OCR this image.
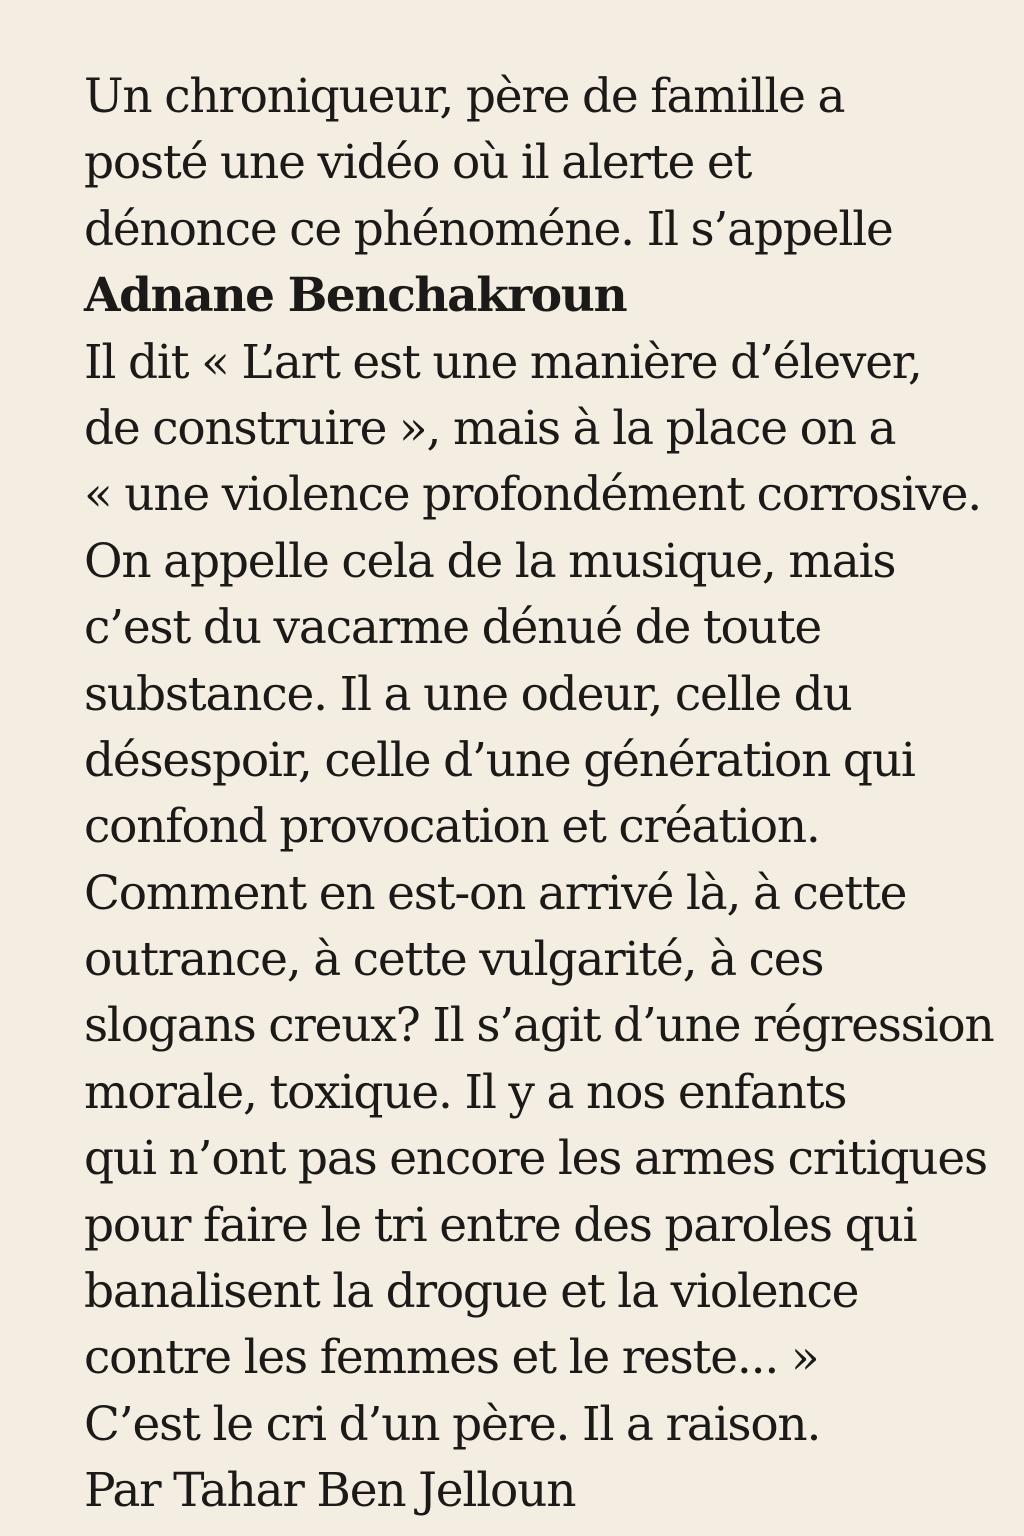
Un chroniqueur, père de famille a
posté une vidéo où il alerte et
dénonce ce phénoméne. Il s’appelle
Adnane Benchakroun
Il dit « L’art est une manière d’élever,
de construire », mais à la place on a
« une violence profondément corrosive.
On appelle cela de la musique, mais
c’est du vacarme dénué de toute
substance. Il a une odeur, celle du
désespoir, celle d’une génération qui
confond provocation et création.
Comment en est-on arrivé là, à cette
outrance, à cette vulgarité, à ces
slogans creux? Il s’agit d’une régression
morale, toxique. Il y a nos enfants
qui n’ont pas encore les armes critiques
pour faire le tri entre des paroles qui
banalisent la drogue et la violence
contre les femmes et le reste... »
C’est le cri d’un père. Il a raison.
Par Tahar Ben Jelloun
